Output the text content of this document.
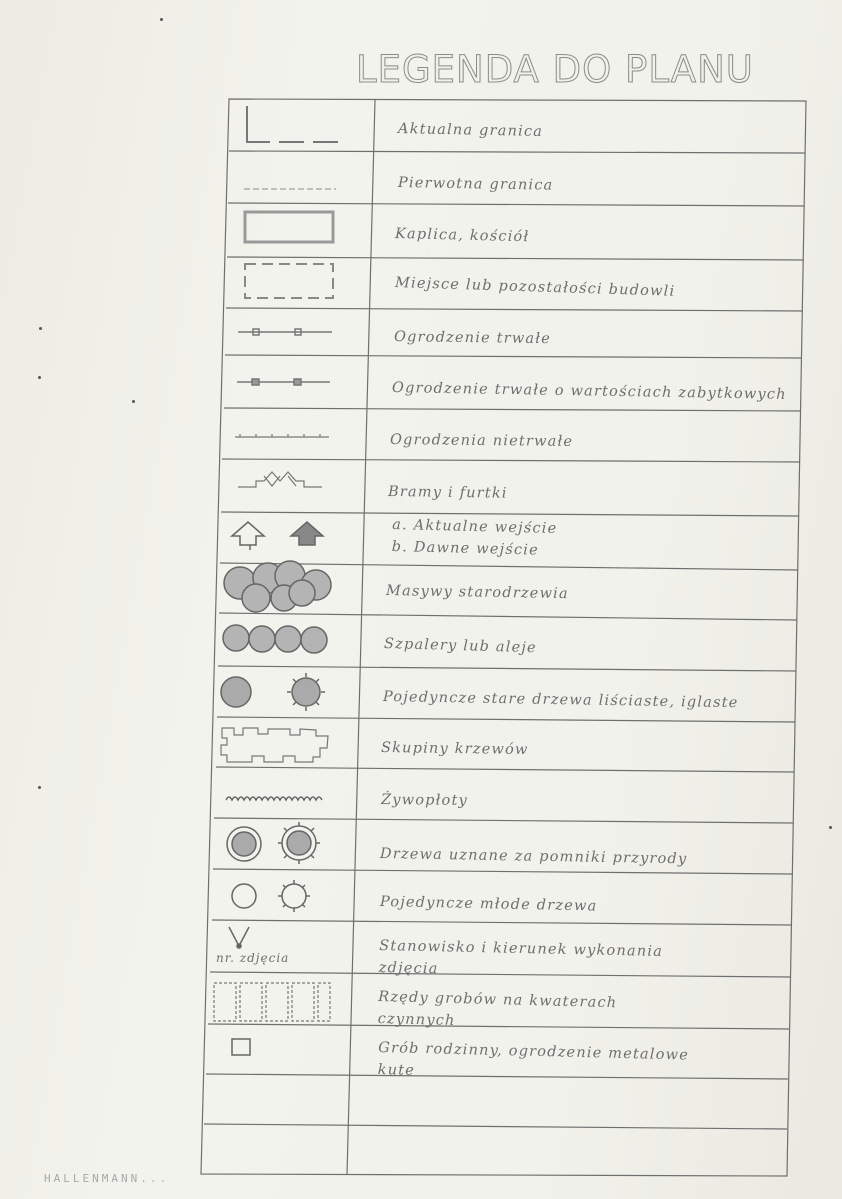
LEGENDA DO PLANU
Aktualna granica
Pierwotna granica
Kaplica, kościół
Miejsce lub pozostałości budowli
Ogrodzenie trwałe
Ogrodzenie trwałe o wartościach zabytkowych
Ogrodzenia nietrwałe
Bramy i furtki
a. Aktualne wejście
b. Dawne wejście
Masywy starodrzewia
Szpalery lub aleje
Pojedyncze stare drzewa liściaste, iglaste
Skupiny krzewów
Żywopłoty
Drzewa uznane za pomniki przyrody
Pojedyncze młode drzewa
Stanowisko i kierunek wykonania
zdjęcia
Rzędy grobów na kwaterach
czynnych
Grób rodzinny, ogrodzenie metalowe
kute
nr. zdjęcia
HALLENMANN...
